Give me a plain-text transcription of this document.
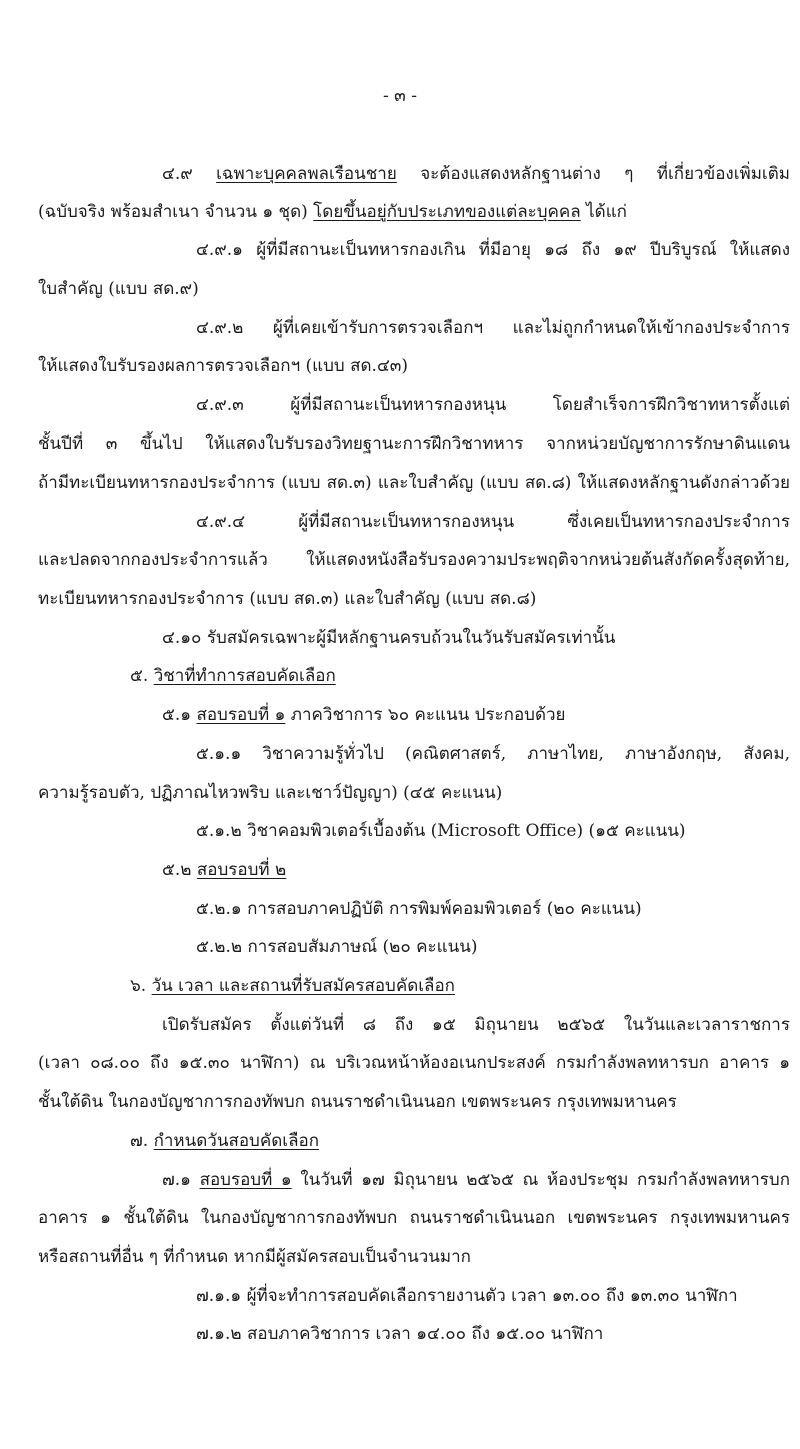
- ๓ -
๔.๙ เฉพาะบุคคลพลเรือนชาย จะต้องแสดงหลักฐานต่าง ๆ ที่เกี่ยวข้องเพิ่มเติม
(ฉบับจริง พร้อมสำเนา จำนวน ๑ ชุด) โดยขึ้นอยู่กับประเภทของแต่ละบุคคล ได้แก่
๔.๙.๑ ผู้ที่มีสถานะเป็นทหารกองเกิน ที่มีอายุ ๑๘ ถึง ๑๙ ปีบริบูรณ์ ให้แสดง
ใบสำคัญ (แบบ สด.๙)
๔.๙.๒ ผู้ที่เคยเข้ารับการตรวจเลือกฯ และไม่ถูกกำหนดให้เข้ากองประจำการ
ให้แสดงใบรับรองผลการตรวจเลือกฯ (แบบ สด.๔๓)
๔.๙.๓ ผู้ที่มีสถานะเป็นทหารกองหนุน โดยสำเร็จการฝึกวิชาทหารตั้งแต่
ชั้นปีที่ ๓ ขึ้นไป ให้แสดงใบรับรองวิทยฐานะการฝึกวิชาทหาร จากหน่วยบัญชาการรักษาดินแดน
ถ้ามีทะเบียนทหารกองประจำการ (แบบ สด.๓) และใบสำคัญ (แบบ สด.๘) ให้แสดงหลักฐานดังกล่าวด้วย
๔.๙.๔ ผู้ที่มีสถานะเป็นทหารกองหนุน ซึ่งเคยเป็นทหารกองประจำการ
และปลดจากกองประจำการแล้ว ให้แสดงหนังสือรับรองความประพฤติจากหน่วยต้นสังกัดครั้งสุดท้าย,
ทะเบียนทหารกองประจำการ (แบบ สด.๓) และใบสำคัญ (แบบ สด.๘)
๔.๑๐ รับสมัครเฉพาะผู้มีหลักฐานครบถ้วนในวันรับสมัครเท่านั้น
๕. วิชาที่ทำการสอบคัดเลือก
๕.๑ สอบรอบที่ ๑ ภาควิชาการ ๖๐ คะแนน ประกอบด้วย
๕.๑.๑ วิชาความรู้ทั่วไป (คณิตศาสตร์, ภาษาไทย, ภาษาอังกฤษ, สังคม,
ความรู้รอบตัว, ปฏิภาณไหวพริบ และเชาว์ปัญญา) (๔๕ คะแนน)
๕.๑.๒ วิชาคอมพิวเตอร์เบื้องต้น (Microsoft Office) (๑๕ คะแนน)
๕.๒ สอบรอบที่ ๒
๕.๒.๑ การสอบภาคปฏิบัติ การพิมพ์คอมพิวเตอร์ (๒๐ คะแนน)
๕.๒.๒ การสอบสัมภาษณ์ (๒๐ คะแนน)
๖. วัน เวลา และสถานที่รับสมัครสอบคัดเลือก
เปิดรับสมัคร ตั้งแต่วันที่ ๘ ถึง ๑๕ มิถุนายน ๒๕๖๕ ในวันและเวลาราชการ
(เวลา ๐๘.๐๐ ถึง ๑๕.๓๐ นาฬิกา) ณ บริเวณหน้าห้องอเนกประสงค์ กรมกำลังพลทหารบก อาคาร ๑
ชั้นใต้ดิน ในกองบัญชาการกองทัพบก ถนนราชดำเนินนอก เขตพระนคร กรุงเทพมหานคร
๗. กำหนดวันสอบคัดเลือก
๗.๑ สอบรอบที่ ๑ ในวันที่ ๑๗ มิถุนายน ๒๕๖๕ ณ ห้องประชุม กรมกำลังพลทหารบก
อาคาร ๑ ชั้นใต้ดิน ในกองบัญชาการกองทัพบก ถนนราชดำเนินนอก เขตพระนคร กรุงเทพมหานคร
หรือสถานที่อื่น ๆ ที่กำหนด หากมีผู้สมัครสอบเป็นจำนวนมาก
๗.๑.๑ ผู้ที่จะทำการสอบคัดเลือกรายงานตัว เวลา ๑๓.๐๐ ถึง ๑๓.๓๐ นาฬิกา
๗.๑.๒ สอบภาควิชาการ เวลา ๑๔.๐๐ ถึง ๑๕.๐๐ นาฬิกา
